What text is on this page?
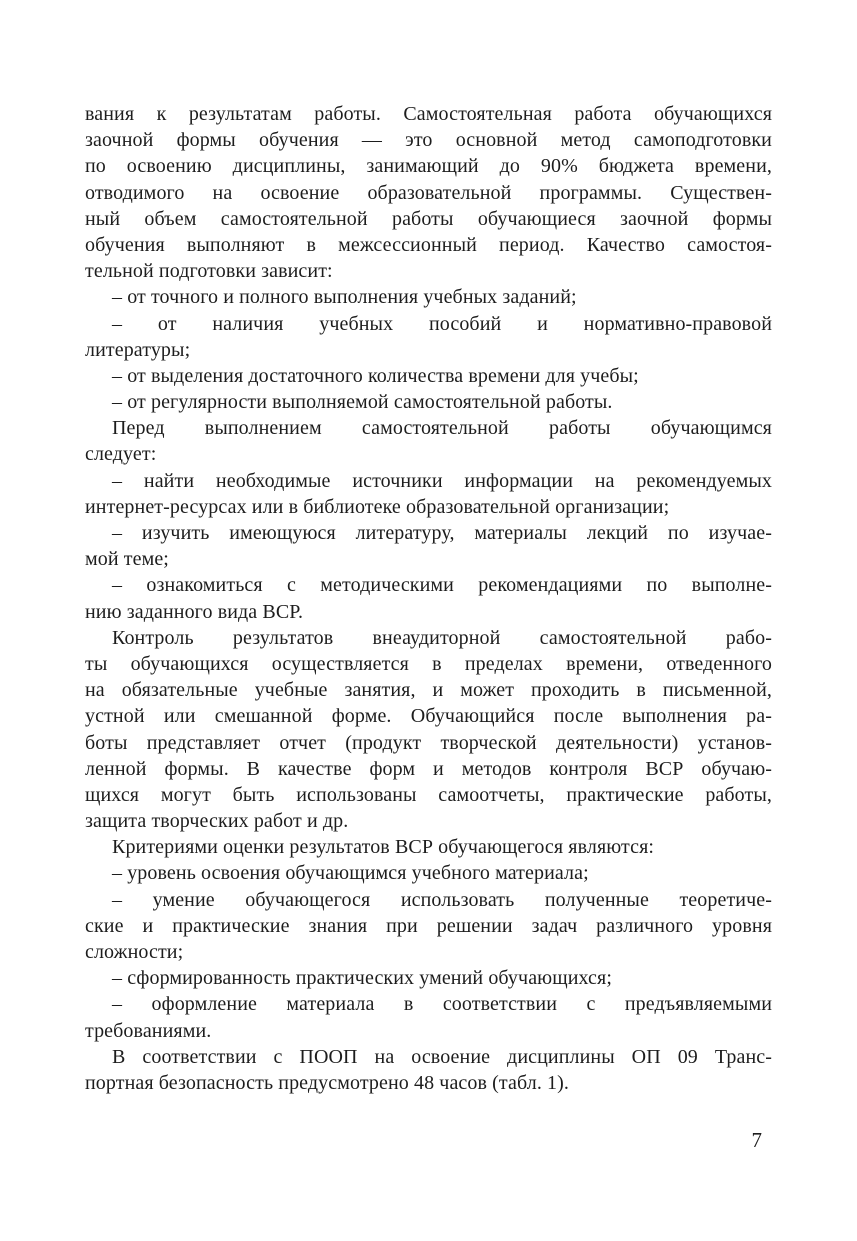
вания к результатам работы. Самостоятельная работа обучающихся
заочной формы обучения — это основной метод самоподготовки
по освоению дисциплины, занимающий до 90% бюджета времени,
отводимого на освоение образовательной программы. Существен-
ный объем самостоятельной работы обучающиеся заочной формы
обучения выполняют в межсессионный период. Качество самостоя-
тельной подготовки зависит:
– от точного и полного выполнения учебных заданий;
– от наличия учебных пособий и нормативно-правовой
литературы;
– от выделения достаточного количества времени для учебы;
– от регулярности выполняемой самостоятельной работы.
Перед выполнением самостоятельной работы обучающимся
следует:
– найти необходимые источники информации на рекомендуемых
интернет-ресурсах или в библиотеке образовательной организации;
– изучить имеющуюся литературу, материалы лекций по изучае-
мой теме;
– ознакомиться с методическими рекомендациями по выполне-
нию заданного вида ВСР.
Контроль результатов внеаудиторной самостоятельной рабо-
ты обучающихся осуществляется в пределах времени, отведенного
на обязательные учебные занятия, и может проходить в письменной,
устной или смешанной форме. Обучающийся после выполнения ра-
боты представляет отчет (продукт творческой деятельности) установ-
ленной формы. В качестве форм и методов контроля ВСР обучаю-
щихся могут быть использованы самоотчеты, практические работы,
защита творческих работ и др.
Критериями оценки результатов ВСР обучающегося являются:
– уровень освоения обучающимся учебного материала;
– умение обучающегося использовать полученные теоретиче-
ские и практические знания при решении задач различного уровня
сложности;
– сформированность практических умений обучающихся;
– оформление материала в соответствии с предъявляемыми
требованиями.
В соответствии с ПООП на освоение дисциплины ОП 09 Транс-
портная безопасность предусмотрено 48 часов (табл. 1).
7
